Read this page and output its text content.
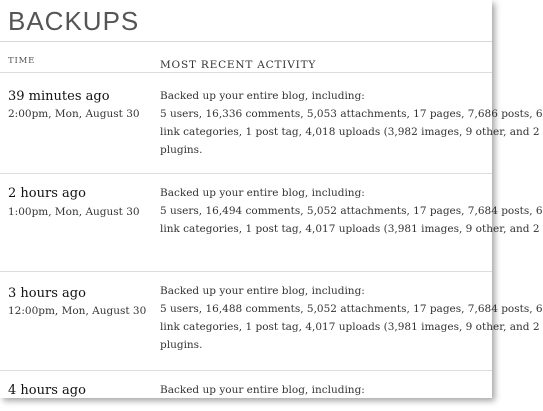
BACKUPS
TIME	MOST RECENT ACTIVITY
39 minutes ago
2:00pm, Mon, August 30
Backed up your entire blog, including:
5 users, 16,336 comments, 5,053 attachments, 17 pages, 7,686 posts, 6
link categories, 1 post tag, 4,018 uploads (3,982 images, 9 other, and 2
plugins.
2 hours ago
1:00pm, Mon, August 30
Backed up your entire blog, including:
5 users, 16,494 comments, 5,052 attachments, 17 pages, 7,684 posts, 6
link categories, 1 post tag, 4,017 uploads (3,981 images, 9 other, and 2
3 hours ago
12:00pm, Mon, August 30
Backed up your entire blog, including:
5 users, 16,488 comments, 5,052 attachments, 17 pages, 7,684 posts, 6
link categories, 1 post tag, 4,017 uploads (3,981 images, 9 other, and 2
plugins.
4 hours ago	Backed up your entire blog, including:
